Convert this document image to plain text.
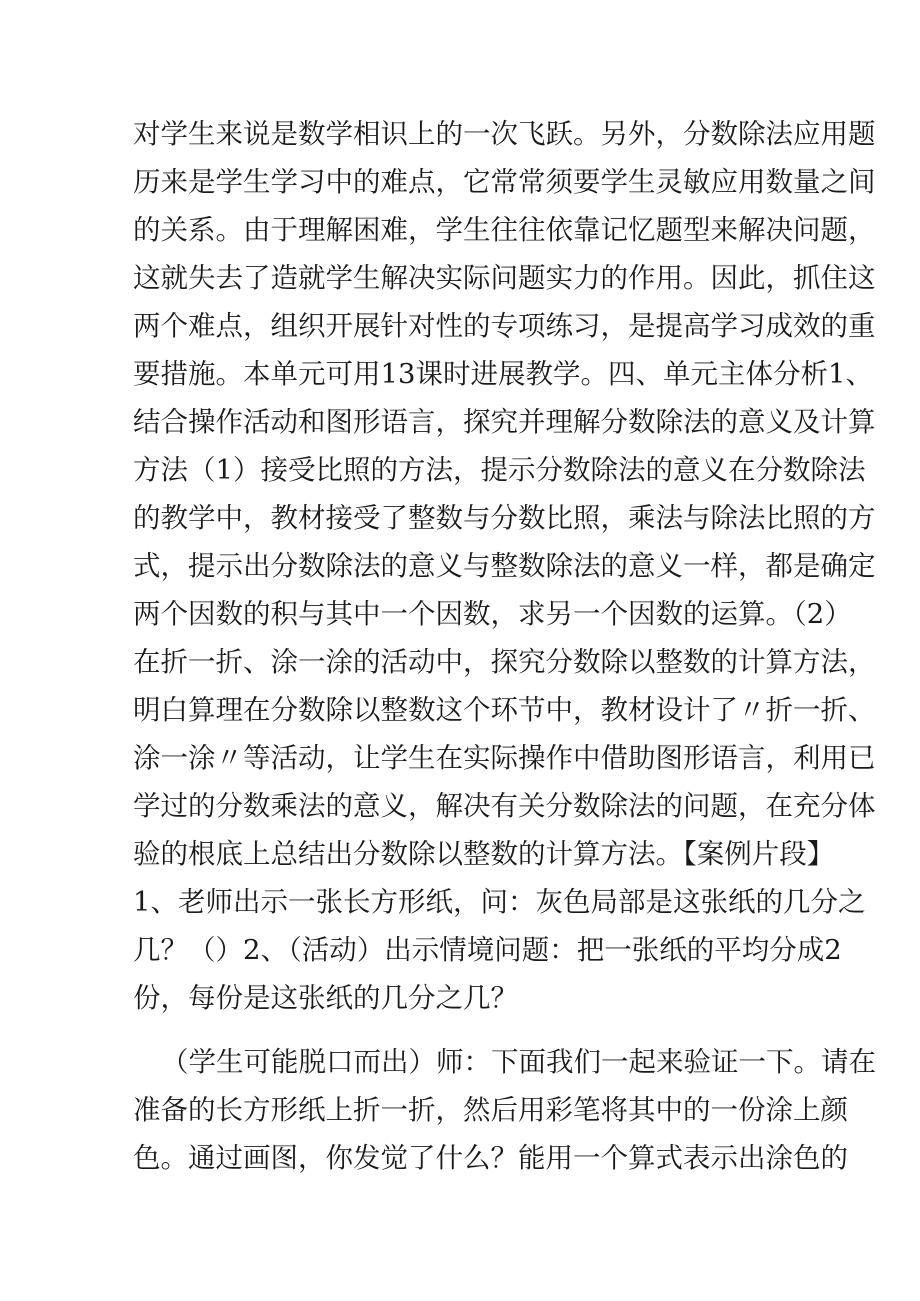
对学生来说是数学相识上的一次飞跃。另外，分数除法应用题
历来是学生学习中的难点，它常常须要学生灵敏应用数量之间
的关系。由于理解困难，学生往往依靠记忆题型来解决问题，
这就失去了造就学生解决实际问题实力的作用。因此，抓住这
两个难点，组织开展针对性的专项练习，是提高学习成效的重
要措施。本单元可用13课时进展教学。四、单元主体分析1、
结合操作活动和图形语言，探究并理解分数除法的意义及计算
方法（1）接受比照的方法，提示分数除法的意义在分数除法
的教学中，教材接受了整数与分数比照，乘法与除法比照的方
式，提示出分数除法的意义与整数除法的意义一样，都是确定
两个因数的积与其中一个因数，求另一个因数的运算。（2）
在折一折、涂一涂的活动中，探究分数除以整数的计算方法，
明白算理在分数除以整数这个环节中，教材设计了〃折一折、
涂一涂〃等活动，让学生在实际操作中借助图形语言，利用已
学过的分数乘法的意义，解决有关分数除法的问题，在充分体
验的根底上总结出分数除以整数的计算方法。【案例片段】
1、老师出示一张长方形纸，问：灰色局部是这张纸的几分之
几？（）2、（活动）出示情境问题：把一张纸的平均分成2
份，每份是这张纸的几分之几？
（学生可能脱口而出）师：下面我们一起来验证一下。请在
准备的长方形纸上折一折，然后用彩笔将其中的一份涂上颜
色。通过画图，你发觉了什么？能用一个算式表示出涂色的
